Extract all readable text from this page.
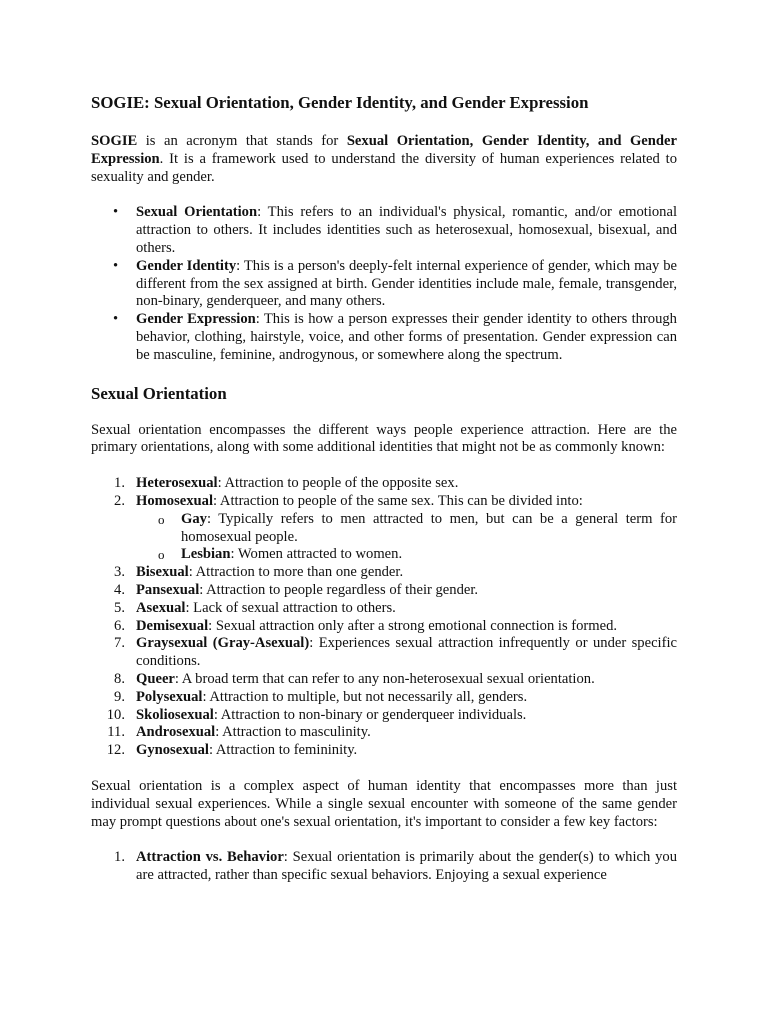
SOGIE: Sexual Orientation, Gender Identity, and Gender Expression

SOGIE is an acronym that stands for Sexual Orientation, Gender Identity, and Gender Expression. It is a framework used to understand the diversity of human experiences related to sexuality and gender.

• Sexual Orientation: This refers to an individual's physical, romantic, and/or emotional attraction to others. It includes identities such as heterosexual, homosexual, bisexual, and others.
• Gender Identity: This is a person's deeply-felt internal experience of gender, which may be different from the sex assigned at birth. Gender identities include male, female, transgender, non-binary, genderqueer, and many others.
• Gender Expression: This is how a person expresses their gender identity to others through behavior, clothing, hairstyle, voice, and other forms of presentation. Gender expression can be masculine, feminine, androgynous, or somewhere along the spectrum.
Sexual Orientation

Sexual orientation encompasses the different ways people experience attraction. Here are the primary orientations, along with some additional identities that might not be as commonly known:

1. Heterosexual: Attraction to people of the opposite sex.
2. Homosexual: Attraction to people of the same sex. This can be divided into:
o Gay: Typically refers to men attracted to men, but can be a general term for homosexual people.
o Lesbian: Women attracted to women.
3. Bisexual: Attraction to more than one gender.
4. Pansexual: Attraction to people regardless of their gender.
5. Asexual: Lack of sexual attraction to others.
6. Demisexual: Sexual attraction only after a strong emotional connection is formed.
7. Graysexual (Gray-Asexual): Experiences sexual attraction infrequently or under specific conditions.
8. Queer: A broad term that can refer to any non-heterosexual sexual orientation.
9. Polysexual: Attraction to multiple, but not necessarily all, genders.
10. Skoliosexual: Attraction to non-binary or genderqueer individuals.
11. Androsexual: Attraction to masculinity.
12. Gynosexual: Attraction to femininity.

Sexual orientation is a complex aspect of human identity that encompasses more than just individual sexual experiences. While a single sexual encounter with someone of the same gender may prompt questions about one's sexual orientation, it's important to consider a few key factors:

1. Attraction vs. Behavior: Sexual orientation is primarily about the gender(s) to which you are attracted, rather than specific sexual behaviors. Enjoying a sexual experience
